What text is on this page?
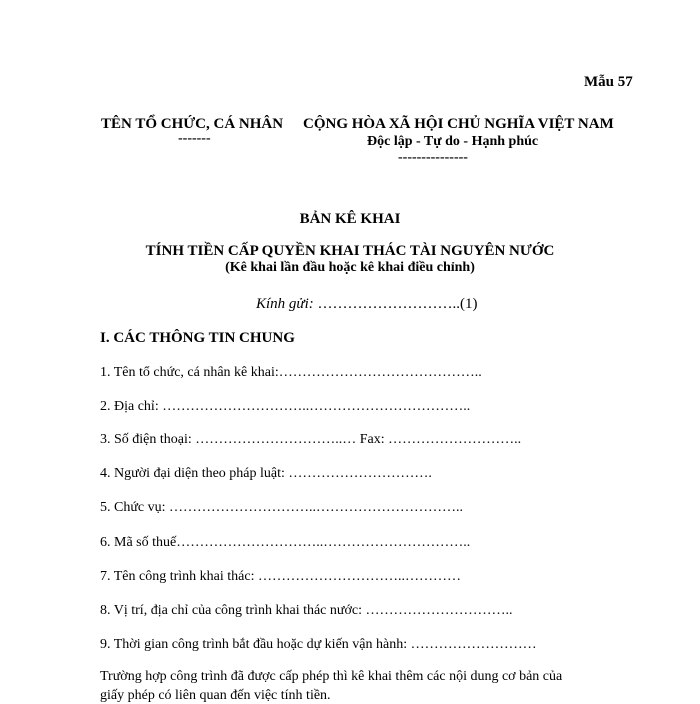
Mẫu 57
TÊN TỔ CHỨC, CÁ NHÂN
-------
CỘNG HÒA XÃ HỘI CHỦ NGHĨA VIỆT NAM
Độc lập - Tự do - Hạnh phúc
---------------
BẢN KÊ KHAI
TÍNH TIỀN CẤP QUYỀN KHAI THÁC TÀI NGUYÊN NƯỚC
(Kê khai lần đầu hoặc kê khai điều chỉnh)
Kính gửi: ………………………..(1)
I. CÁC THÔNG TIN CHUNG
1. Tên tổ chức, cá nhân kê khai:……………………………………..
2. Địa chỉ: …………………………..……………………………..
3. Số điện thoại: …………………………..… Fax: ………………………..
4. Người đại diện theo pháp luật: ………………………….
5. Chức vụ: …………………………..…………………………..
6. Mã số thuế…………………………..…………………………..
7. Tên công trình khai thác: …………………………..…………
8. Vị trí, địa chỉ của công trình khai thác nước: …………………………..
9. Thời gian công trình bắt đầu hoặc dự kiến vận hành: ………………………
Trường hợp công trình đã được cấp phép thì kê khai thêm các nội dung cơ bản của
giấy phép có liên quan đến việc tính tiền.
